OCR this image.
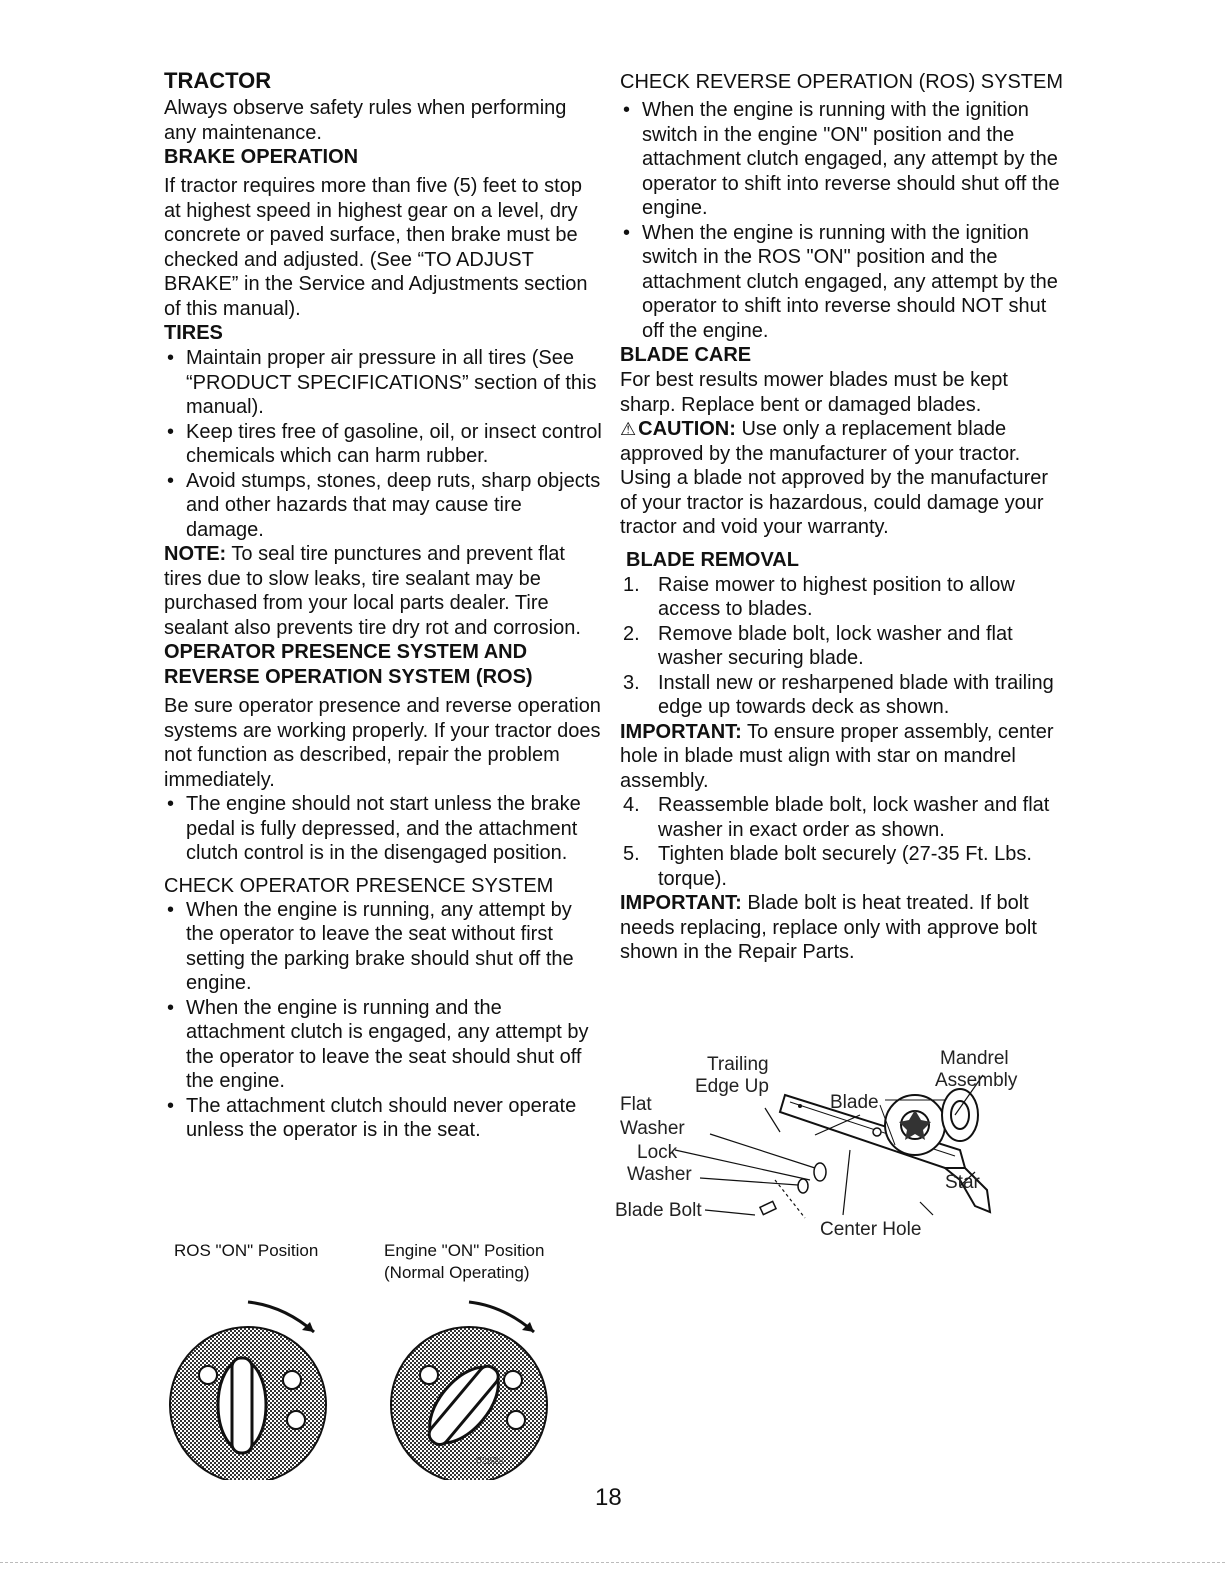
TRACTOR

Always observe safety rules when performing any maintenance.

BRAKE OPERATION

If tractor requires more than five (5) feet to stop at highest speed in highest gear on a level, dry concrete or paved surface, then brake must be checked and adjusted. (See “TO ADJUST BRAKE” in the Service and Adjustments section of this manual).

TIRES
• Maintain proper air pressure in all tires (See “PRODUCT SPECIFICATIONS” section of this manual).
• Keep tires free of gasoline, oil, or insect control chemicals which can harm rubber.
• Avoid stumps, stones, deep ruts, sharp objects and other hazards that may cause tire damage.

NOTE: To seal tire punctures and prevent flat tires due to slow leaks, tire sealant may be purchased from your local parts dealer. Tire sealant also prevents tire dry rot and corrosion.

OPERATOR PRESENCE SYSTEM AND REVERSE OPERATION SYSTEM (ROS)

Be sure operator presence and reverse operation systems are working properly. If your tractor does not function as described, repair the problem immediately.

• The engine should not start unless the brake pedal is fully depressed, and the attachment clutch control is in the disengaged position.

CHECK OPERATOR PRESENCE SYSTEM

• When the engine is running, any attempt by the operator to leave the seat without first setting the parking brake should shut off the engine.
• When the engine is running and the attachment clutch is engaged, any attempt by the operator to leave the seat should shut off the engine.
• The attachment clutch should never operate unless the operator is in the seat.
ROS "ON" Position	Engine "ON" Position
(Normal Operating)
02828

CHECK REVERSE OPERATION (ROS) SYSTEM

• When the engine is running with the ignition switch in the engine "ON" position and the attachment clutch engaged, any attempt by the operator to shift into reverse should shut off the engine.
• When the engine is running with the ignition switch in the ROS "ON" position and the attachment clutch engaged, any attempt by the operator to shift into reverse should NOT shut off the engine.
BLADE CARE

For best results mower blades must be kept sharp. Replace bent or damaged blades.

⚠ CAUTION: Use only a replacement blade approved by the manufacturer of your tractor. Using a blade not approved by the manufacturer of your tractor is hazardous, could damage your tractor and void your warranty.

BLADE REMOVAL
1. Raise mower to highest position to allow access to blades.
2. Remove blade bolt, lock washer and flat washer securing blade.
3. Install new or resharpened blade with trailing edge up towards deck as shown.

IMPORTANT: To ensure proper assembly, center hole in blade must align with star on mandrel assembly.

4. Reassemble blade bolt, lock washer and flat washer in exact order as shown.
5. Tighten blade bolt securely (27-35 Ft. Lbs. torque).

IMPORTANT: Blade bolt is heat treated. If bolt needs replacing, replace only with approve bolt shown in the Repair Parts.

Trailing
Edge Up
Mandrel
Assembly
Flat
Washer
Blade
Lock
Washer	Star
Blade Bolt
Center Hole
18
